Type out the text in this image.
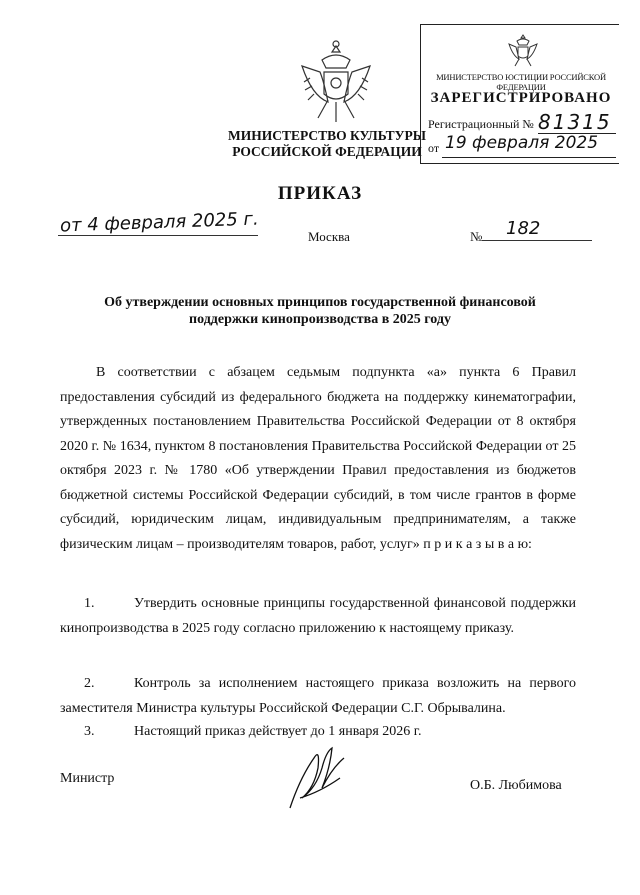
МИНИСТЕРСТВО КУЛЬТУРЫ
РОССИЙСКОЙ ФЕДЕРАЦИИ
МИНИСТЕРСТВО ЮСТИЦИИ РОССИЙСКОЙ ФЕДЕРАЦИИ
ЗАРЕГИСТРИРОВАНО
Регистрационный № 81315
от 19 февраля 2025
ПРИКАЗ
от 4 февраля 2025 г.
Москва	№ 182
Об утверждении основных принципов государственной финансовой
поддержки кинопроизводства в 2025 году
В соответствии с абзацем седьмым подпункта «а» пункта 6 Правил предоставления субсидий из федерального бюджета на поддержку кинематографии, утвержденных постановлением Правительства Российской Федерации от 8 октября 2020 г. № 1634, пунктом 8 постановления Правительства Российской Федерации от 25 октября 2023 г. № 1780 «Об утверждении Правил предоставления из бюджетов бюджетной системы Российской Федерации субсидий, в том числе грантов в форме субсидий, юридическим лицам, индивидуальным предпринимателям, а также физическим лицам – производителям товаров, работ, услуг» п р и к а з ы в а ю:
1.	Утвердить основные принципы государственной финансовой поддержки кинопроизводства в 2025 году согласно приложению к настоящему приказу.
2.	Контроль за исполнением настоящего приказа возложить на первого заместителя Министра культуры Российской Федерации С.Г. Обрывалина.
3.	Настоящий приказ действует до 1 января 2026 г.
Министр	О.Б. Любимова
